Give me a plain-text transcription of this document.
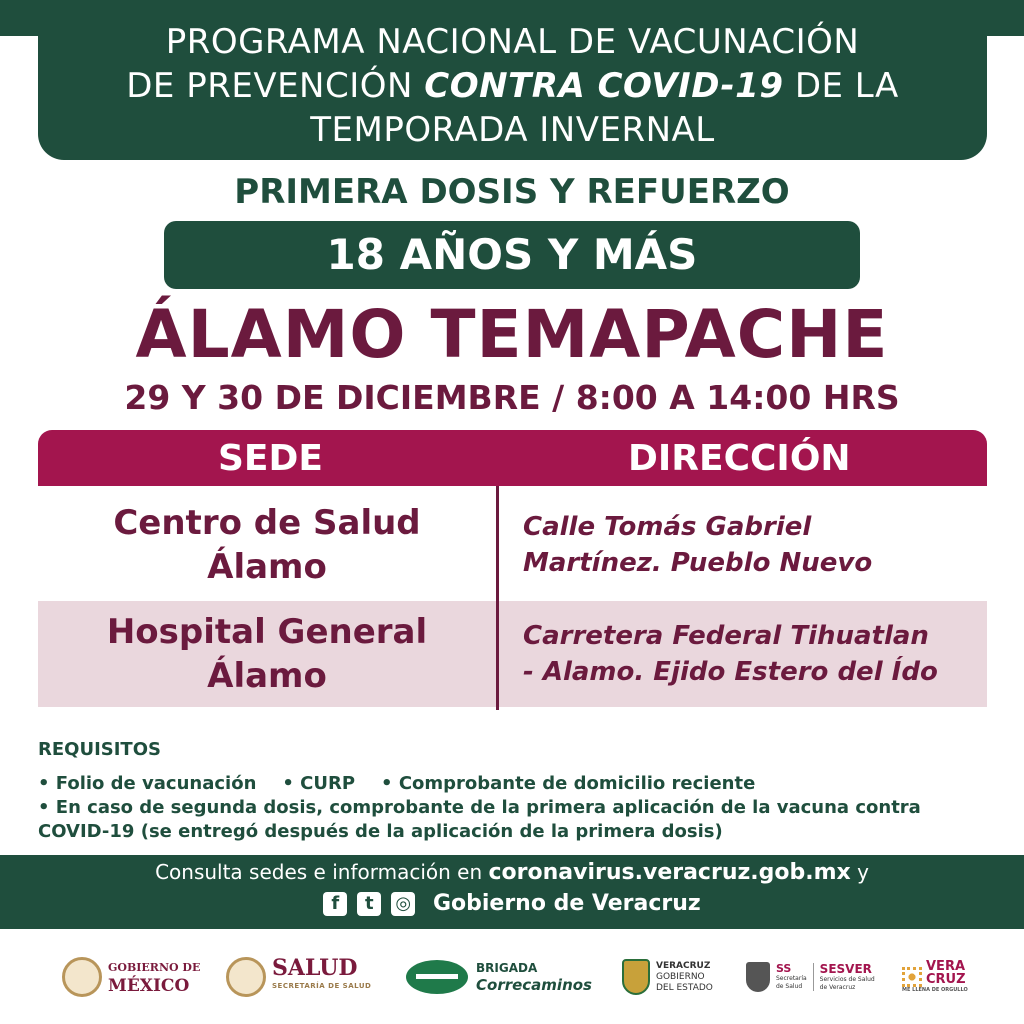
PROGRAMA NACIONAL DE VACUNACIÓN
DE PREVENCIÓN CONTRA COVID-19 DE LA
TEMPORADA INVERNAL
PRIMERA DOSIS Y REFUERZO
18 AÑOS Y MÁS
ÁLAMO TEMAPACHE
29 Y 30 DE DICIEMBRE / 8:00 A 14:00 HRS
SEDE	DIRECCIÓN
Centro de Salud
Álamo
Calle Tomás Gabriel
Martínez. Pueblo Nuevo
Hospital General
Álamo
Carretera Federal Tihuatlan
- Alamo. Ejido Estero del Ído
REQUISITOS
• Folio de vacunación • CURP • Comprobante de domicilio reciente
• En caso de segunda dosis, comprobante de la primera aplicación de la vacuna contra
COVID-19 (se entregó después de la aplicación de la primera dosis)
Consulta sedes e información en coronavirus.veracruz.gob.mx y
f t ◎ Gobierno de Veracruz
GOBIERNO DE
MÉXICO
SALUD
SECRETARÍA DE SALUD
BRIGADA
Correcaminos
VERACRUZ
GOBIERNO
DEL ESTADO
SS
Secretaría
de Salud
SESVER
Servicios de Salud
de Veracruz
VERA
CRUZ
ME LLENA DE ORGULLO
